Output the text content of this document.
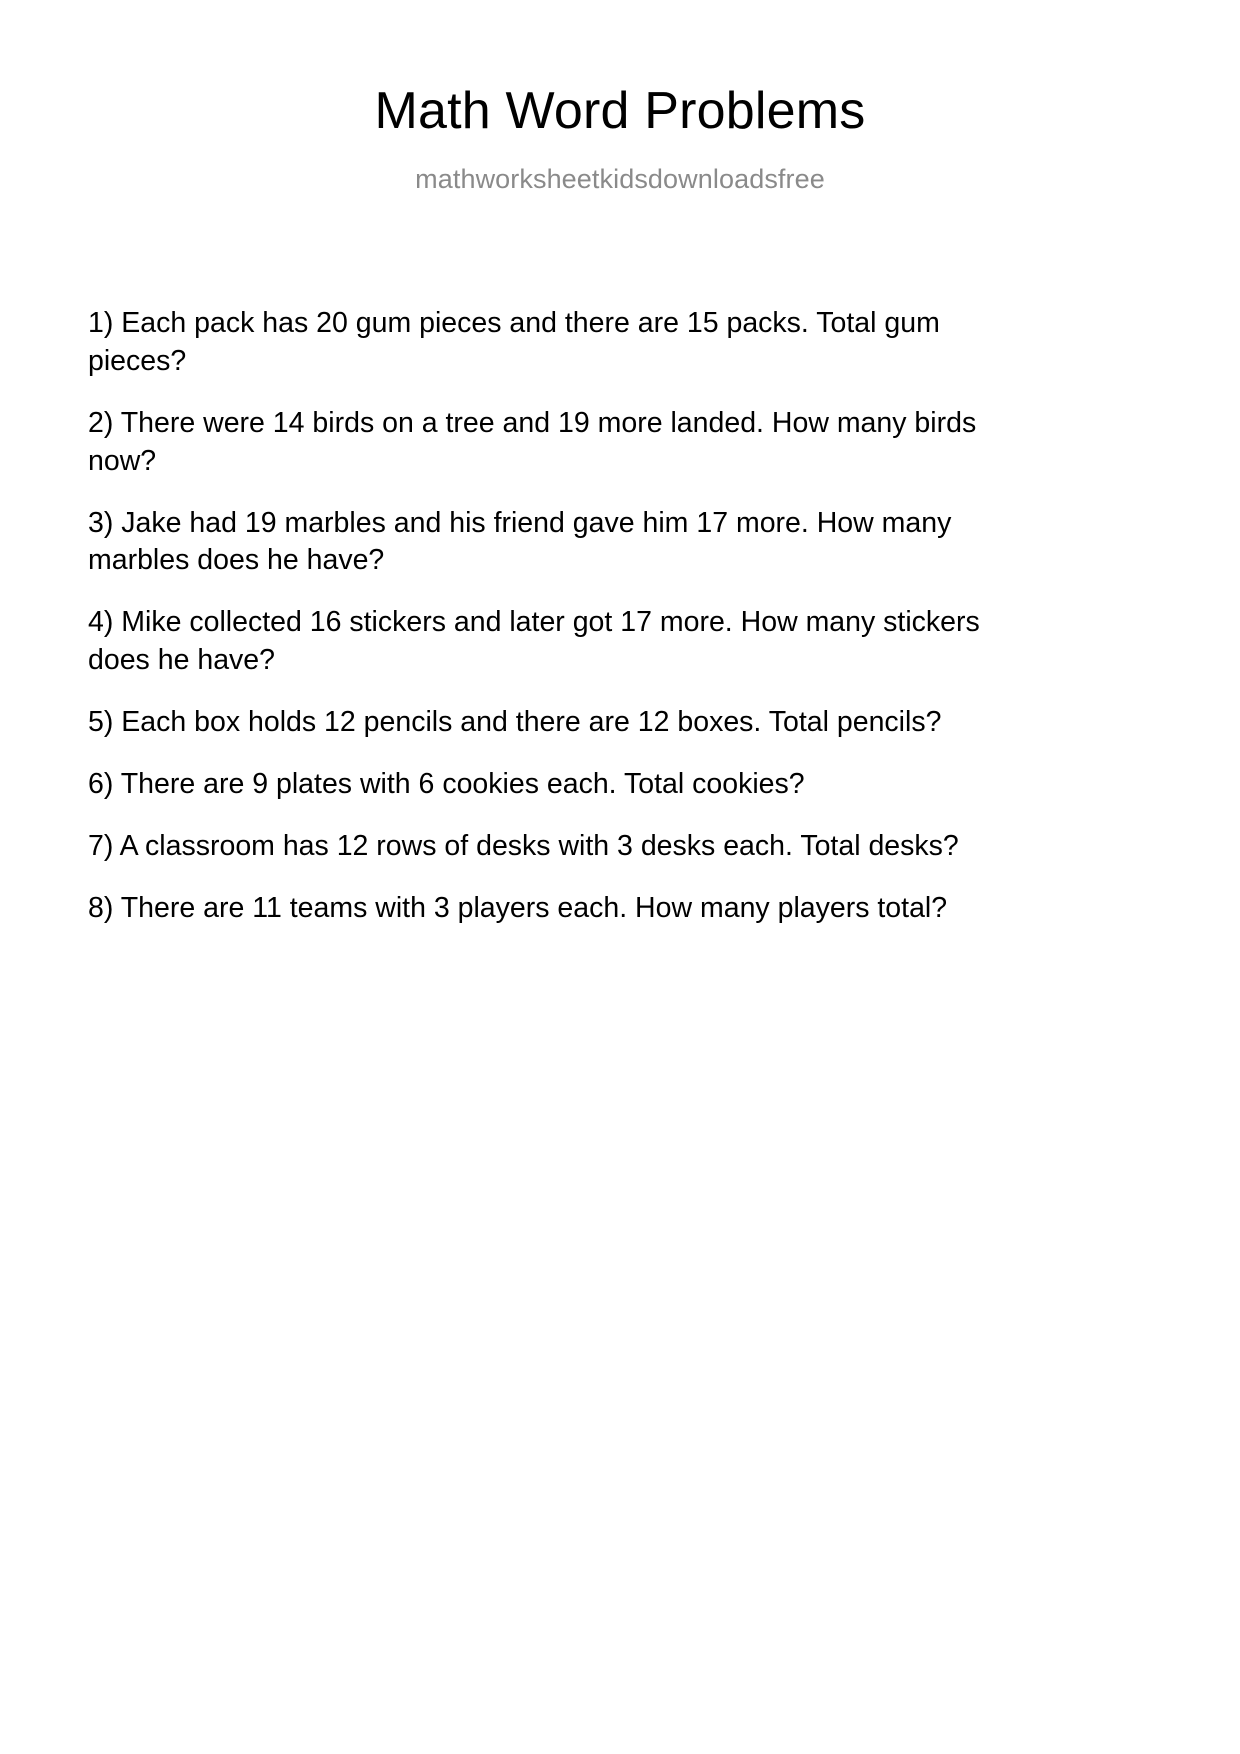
Math Word Problems
mathworksheetkidsdownloadsfree
1) Each pack has 20 gum pieces and there are 15 packs. Total gum pieces?
2) There were 14 birds on a tree and 19 more landed. How many birds now?
3) Jake had 19 marbles and his friend gave him 17 more. How many marbles does he have?
4) Mike collected 16 stickers and later got 17 more. How many stickers does he have?
5) Each box holds 12 pencils and there are 12 boxes. Total pencils?
6) There are 9 plates with 6 cookies each. Total cookies?
7) A classroom has 12 rows of desks with 3 desks each. Total desks?
8) There are 11 teams with 3 players each. How many players total?
